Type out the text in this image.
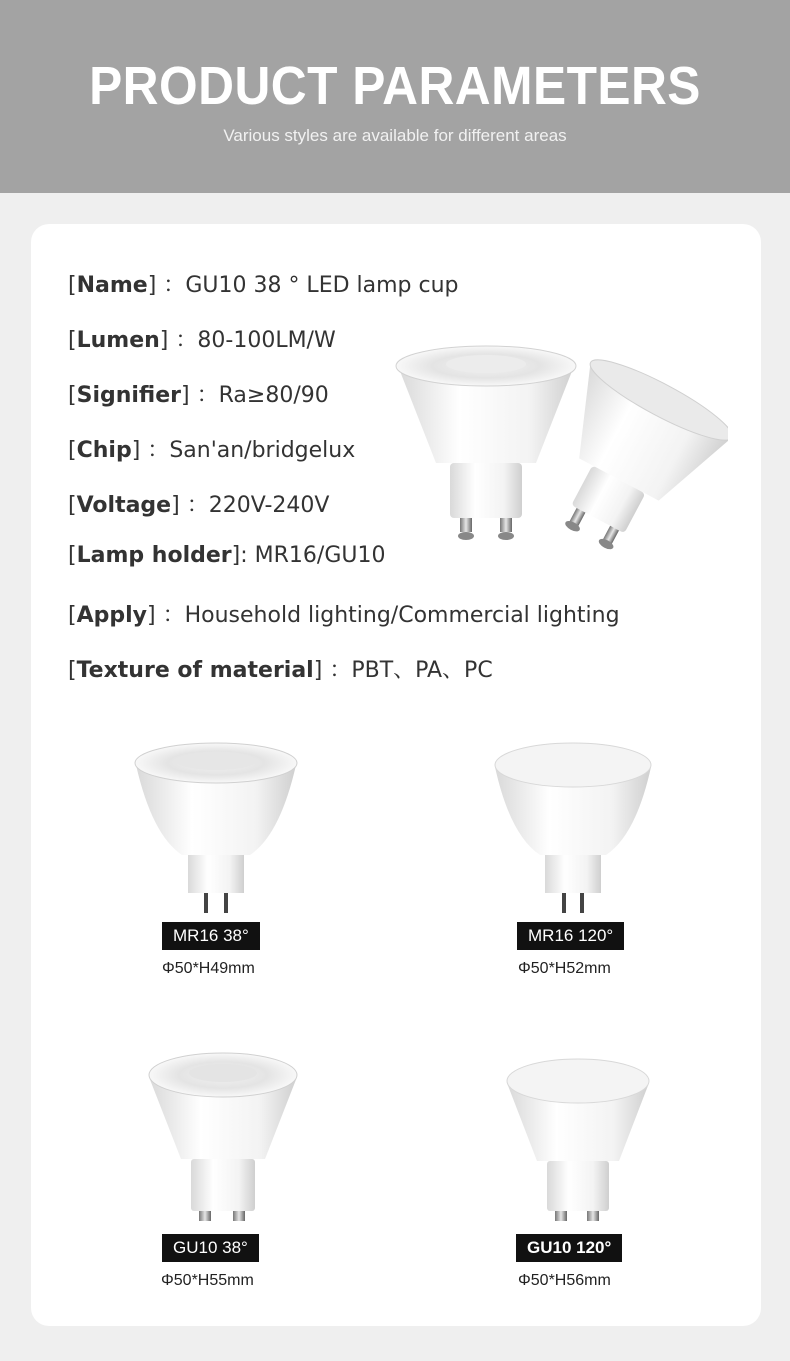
PRODUCT PARAMETERS
Various styles are available for different areas
[Name] ：GU10 38 ° LED lamp cup
[Lumen] ：80-100LM/W
[Signifier] ：Ra≥80/90
[Chip] ：San'an/bridgelux
[Voltage] ：220V-240V
[Lamp holder]: MR16/GU10
[Apply] ：Household lighting/Commercial lighting
[Texture of material] ：PBT、PA、PC
MR16 38°
Φ50*H49mm
MR16 120°
Φ50*H52mm
GU10 38°
Φ50*H55mm
GU10 120°
Φ50*H56mm
